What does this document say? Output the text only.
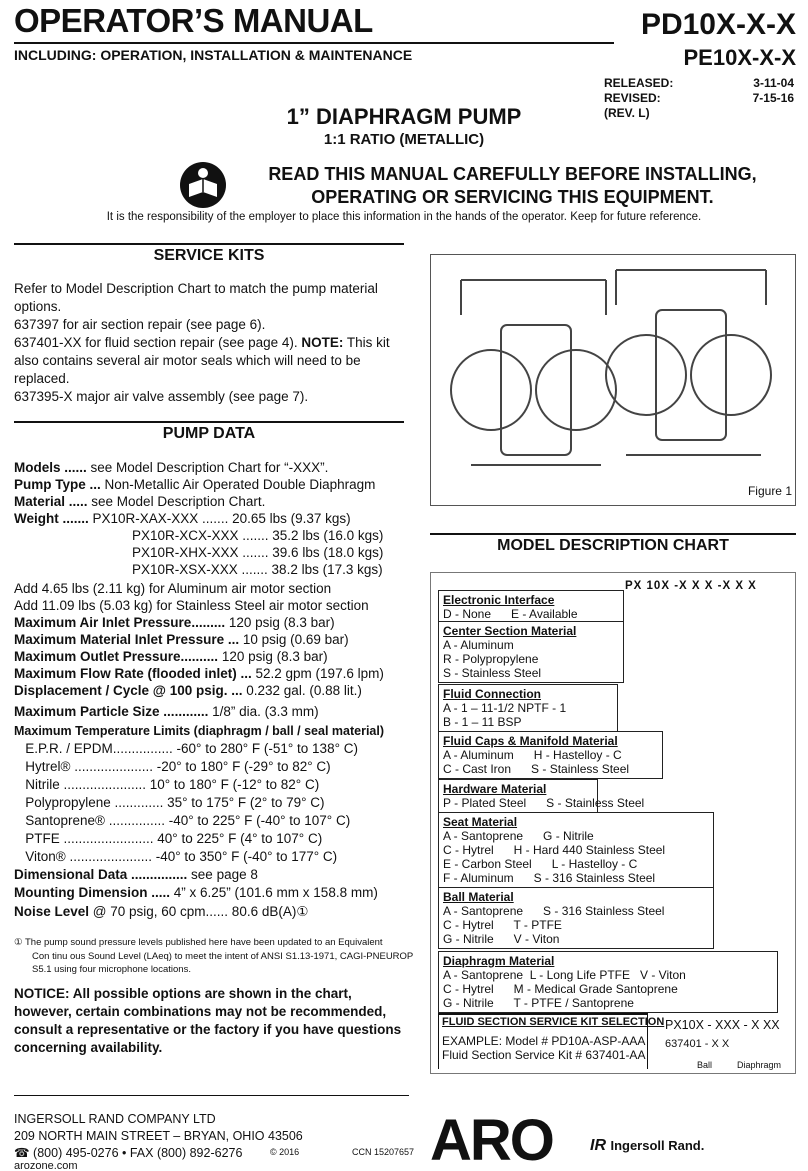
OPERATOR’S MANUAL
INCLUDING: OPERATION, INSTALLATION & MAINTENANCE
PD10X-X-X
PE10X-X-X
RELEASED:	3-11-04
REVISED:	7-15-16
(REV. L)
1” DIAPHRAGM PUMP
1:1 RATIO (METALLIC)
READ THIS MANUAL CAREFULLY BEFORE INSTALLING,
OPERATING OR SERVICING THIS EQUIPMENT.
It is the responsibility of the employer to place this information in the hands of the operator. Keep for future reference.
SERVICE KITS
Refer to Model Description Chart to match the pump material options.
637397 for air section repair (see page 6).
637401-XX for fluid section repair (see page 4). NOTE: This kit also contains several air motor seals which will need to be replaced.
637395-X major air valve assembly (see page 7).
PUMP DATA
Models ...... see Model Description Chart for “-XXX”.
Pump Type ... Non-Metallic Air Operated Double Diaphragm
Material ..... see Model Description Chart.
Weight ....... PX10R-XAX-XXX ....... 20.65 lbs (9.37 kgs)
PX10R-XCX-XXX ....... 35.2 lbs (16.0 kgs)
PX10R-XHX-XXX ....... 39.6 lbs (18.0 kgs)
PX10R-XSX-XXX ....... 38.2 lbs (17.3 kgs)
Add 4.65 lbs (2.11 kg) for Aluminum air motor section
Add 11.09 lbs (5.03 kg) for Stainless Steel air motor section
Maximum Air Inlet Pressure......... 120 psig (8.3 bar)
Maximum Material Inlet Pressure ... 10 psig (0.69 bar)
Maximum Outlet Pressure.......... 120 psig (8.3 bar)
Maximum Flow Rate (flooded inlet) ... 52.2 gpm (197.6 lpm)
Displacement / Cycle @ 100 psig. ... 0.232 gal. (0.88 lit.)
Maximum Particle Size ............ 1/8” dia. (3.3 mm)
Maximum Temperature Limits (diaphragm / ball / seal material)
E.P.R. / EPDM................ -60° to 280° F (-51° to 138° C)
Hytrel® ..................... -20° to 180° F (-29° to 82° C)
Nitrile ...................... 10° to 180° F (-12° to 82° C)
Polypropylene ............. 35° to 175° F (2° to 79° C)
Santoprene® ............... -40° to 225° F (-40° to 107° C)
PTFE ........................ 40° to 225° F (4° to 107° C)
Viton® ...................... -40° to 350° F (-40° to 177° C)
Dimensional Data ............... see page 8
Mounting Dimension ..... 4” x 6.25” (101.6 mm x 158.8 mm)
Noise Level @ 70 psig, 60 cpm...... 80.6 dB(A)①
① The pump sound pressure levels published here have been updated to an Equivalent
Con tinu ous Sound Level (LAeq) to meet the intent of ANSI S1.13-1971, CAGI-PNEUROP
S5.1 using four microphone locations.
NOTICE: All possible options are shown in the chart, however, certain combinations may not be recommended, consult a representative or the factory if you have questions concerning availability.
Figure 1
MODEL DESCRIPTION CHART
PX 10X -X X X -X X X
Electronic Interface
D - None      E - Available
Center Section Material
A - Aluminum
R - Polypropylene
S - Stainless Steel
Fluid Connection
A - 1 – 11-1/2 NPTF - 1
B - 1 – 11 BSP
Fluid Caps & Manifold Material
A - Aluminum      H - Hastelloy - C
C - Cast Iron      S - Stainless Steel
Hardware Material
P - Plated Steel      S - Stainless Steel
Seat Material
A - Santoprene      G - Nitrile
C - Hytrel      H - Hard 440 Stainless Steel
E - Carbon Steel      L - Hastelloy - C
F - Aluminum      S - 316 Stainless Steel
Ball Material
A - Santoprene      S - 316 Stainless Steel
C - Hytrel      T - PTFE
G - Nitrile      V - Viton
Diaphragm Material
A - Santoprene  L - Long Life PTFE   V - Viton
C - Hytrel      M - Medical Grade Santoprene
G - Nitrile      T - PTFE / Santoprene
FLUID SECTION SERVICE KIT SELECTION PX10X - XXX - X XX
EXAMPLE: Model # PD10A-ASP-AAA
Fluid Section Service Kit # 637401-AA
637401 - X X
Ball	Diaphragm
INGERSOLL RAND COMPANY LTD
209 NORTH MAIN STREET – BRYAN, OHIO 43506
☎ (800) 495-0276 • FAX (800) 892-6276	© 2016	CCN 15207657
arozone.com	ARO IR Ingersoll Rand.
